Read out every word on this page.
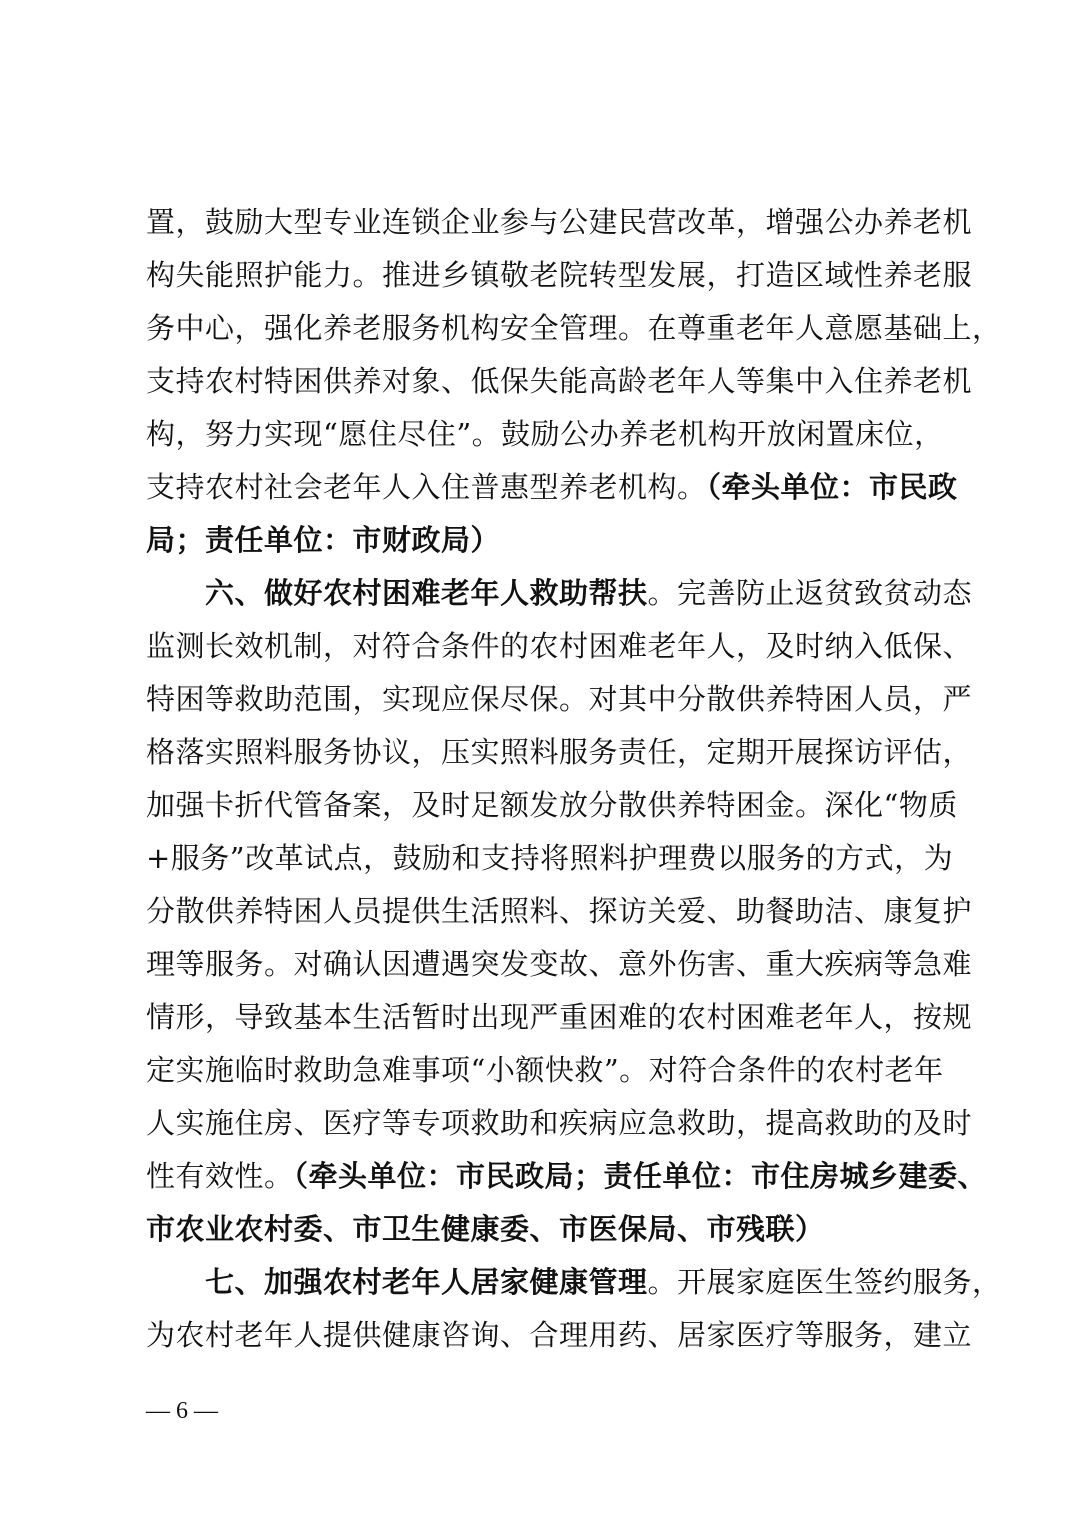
置，鼓励大型专业连锁企业参与公建民营改革，增强公办养老机
构失能照护能力。推进乡镇敬老院转型发展，打造区域性养老服
务中心，强化养老服务机构安全管理。在尊重老年人意愿基础上，
支持农村特困供养对象、低保失能高龄老年人等集中入住养老机
构，努力实现“愿住尽住”。鼓励公办养老机构开放闲置床位，
支持农村社会老年人入住普惠型养老机构。（牵头单位：市民政
局；责任单位：市财政局）
六、做好农村困难老年人救助帮扶。完善防止返贫致贫动态
监测长效机制，对符合条件的农村困难老年人，及时纳入低保、
特困等救助范围，实现应保尽保。对其中分散供养特困人员，严
格落实照料服务协议，压实照料服务责任，定期开展探访评估，
加强卡折代管备案，及时足额发放分散供养特困金。深化“物质
+服务”改革试点，鼓励和支持将照料护理费以服务的方式，为
分散供养特困人员提供生活照料、探访关爱、助餐助洁、康复护
理等服务。对确认因遭遇突发变故、意外伤害、重大疾病等急难
情形，导致基本生活暂时出现严重困难的农村困难老年人，按规
定实施临时救助急难事项“小额快救”。对符合条件的农村老年
人实施住房、医疗等专项救助和疾病应急救助，提高救助的及时
性有效性。（牵头单位：市民政局；责任单位：市住房城乡建委、
市农业农村委、市卫生健康委、市医保局、市残联）
七、加强农村老年人居家健康管理。开展家庭医生签约服务，
为农村老年人提供健康咨询、合理用药、居家医疗等服务，建立
— 6 —
